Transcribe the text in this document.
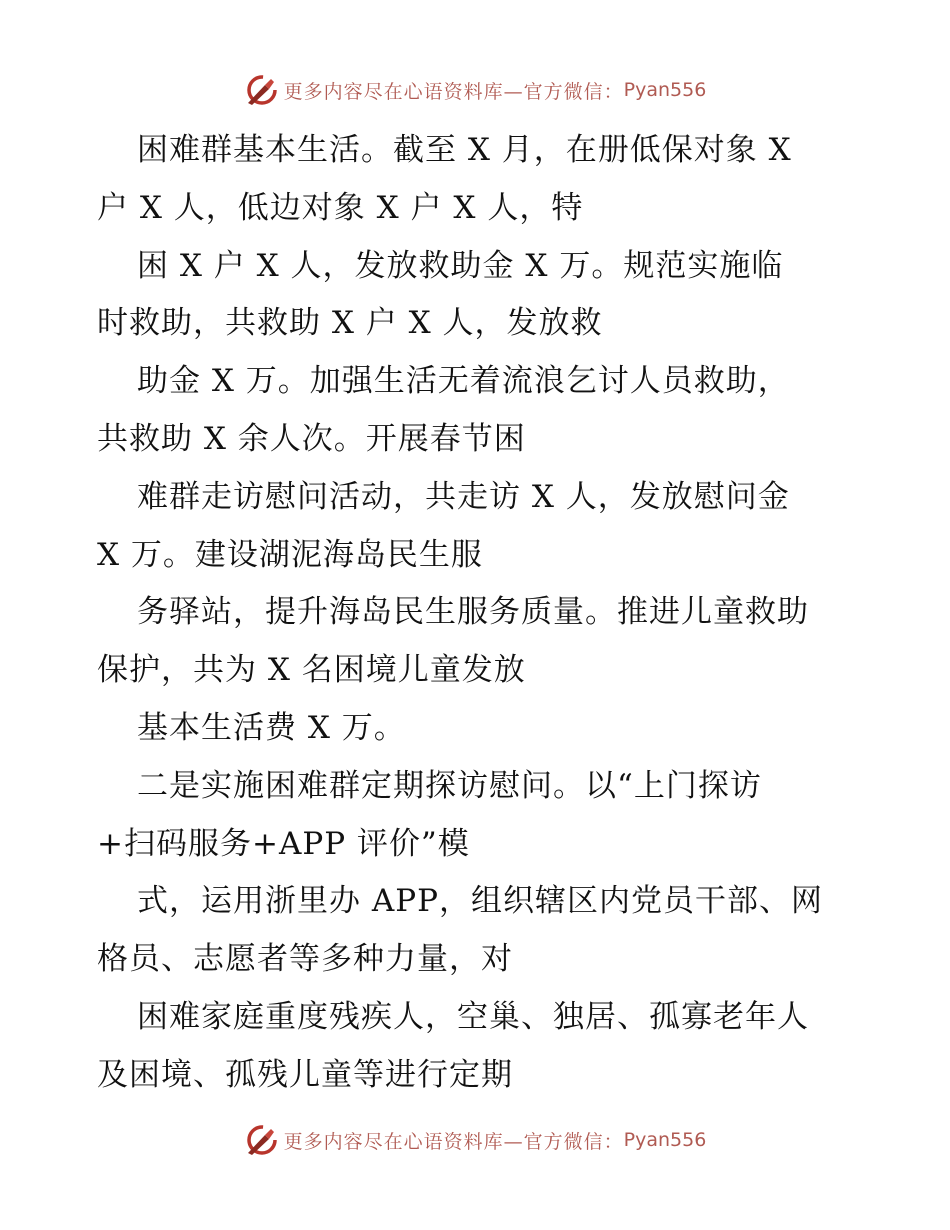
更多内容尽在心语资料库—官方微信： Pyan556
困难群基本生活。截至 X 月，在册低保对象 X
户 X 人，低边对象 X 户 X 人，特
困 X 户 X 人，发放救助金 X 万。规范实施临
时救助，共救助 X 户 X 人，发放救
助金 X 万。加强生活无着流浪乞讨人员救助，
共救助 X 余人次。开展春节困
难群走访慰问活动，共走访 X 人，发放慰问金
X 万。建设湖泥海岛民生服
务驿站，提升海岛民生服务质量。推进儿童救助
保护，共为 X 名困境儿童发放
基本生活费 X 万。
二是实施困难群定期探访慰问。以“上门探访
+扫码服务+APP 评价”模
式，运用浙里办 APP，组织辖区内党员干部、网
格员、志愿者等多种力量，对
困难家庭重度残疾人，空巢、独居、孤寡老年人
及困境、孤残儿童等进行定期
更多内容尽在心语资料库—官方微信： Pyan556
